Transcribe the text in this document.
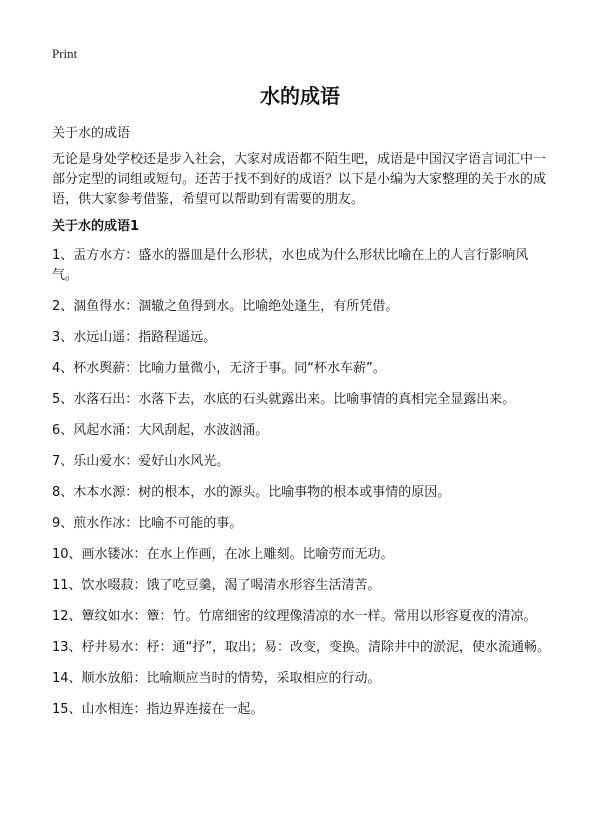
Print
水的成语
关于水的成语

无论是身处学校还是步入社会，大家对成语都不陌生吧，成语是中国汉字语言词汇中一部分定型的词组或短句。还苦于找不到好的成语？以下是小编为大家整理的关于水的成语，供大家参考借鉴，希望可以帮助到有需要的朋友。

关于水的成语1
1、盂方水方：盛水的器皿是什么形状，水也成为什么形状比喻在上的人言行影响风气。
2、涸鱼得水：涸辙之鱼得到水。比喻绝处逢生，有所凭借。
3、水远山遥：指路程遥远。
4、杯水舆薪：比喻力量微小，无济于事。同“杯水车薪”。
5、水落石出：水落下去，水底的石头就露出来。比喻事情的真相完全显露出来。
6、风起水涌：大风刮起，水波汹涌。
7、乐山爱水：爱好山水风光。
8、木本水源：树的根本，水的源头。比喻事物的根本或事情的原因。
9、煎水作冰：比喻不可能的事。
10、画水镂冰：在水上作画，在冰上雕刻。比喻劳而无功。
11、饮水啜菽：饿了吃豆羹，渴了喝清水形容生活清苦。
12、簟纹如水：簟：竹。竹席细密的纹理像清凉的水一样。常用以形容夏夜的清凉。
13、杼井易水：杼：通“抒”，取出；易：改变，变换。清除井中的淤泥，使水流通畅。
14、顺水放船：比喻顺应当时的情势，采取相应的行动。
15、山水相连：指边界连接在一起。
